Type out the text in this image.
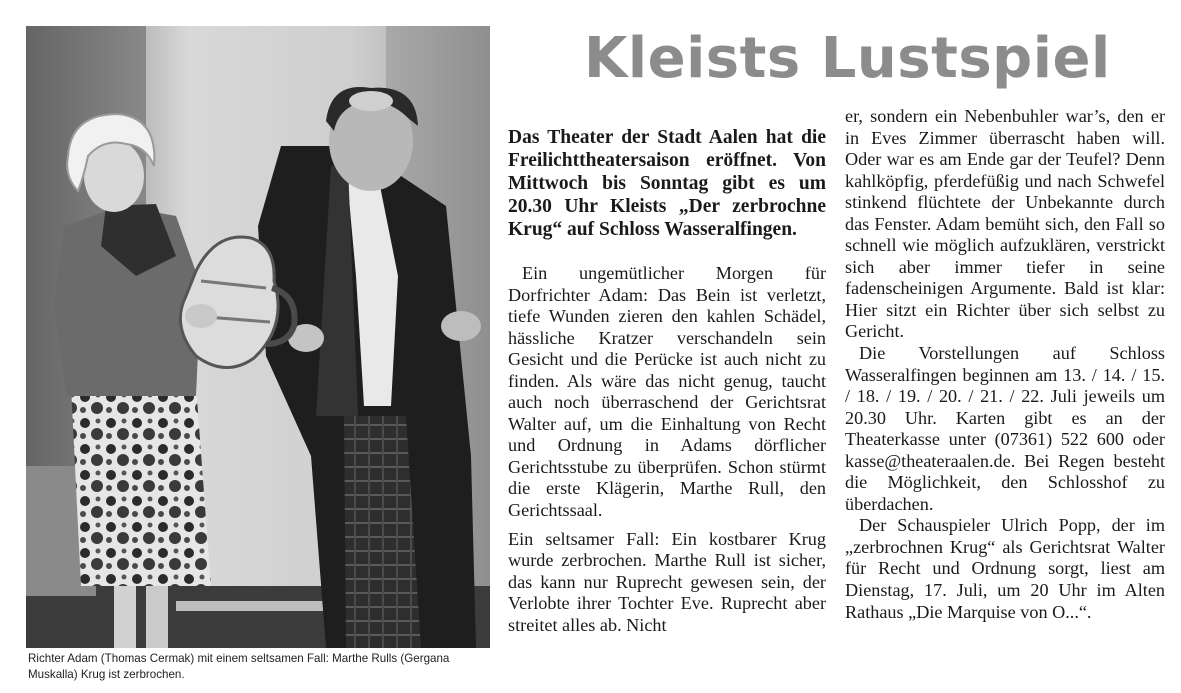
Richter Adam (Thomas Cermak) mit einem seltsamen Fall: Marthe Rulls (Gergana Muskalla) Krug ist zerbrochen.
Kleists Lustspiel

Das Theater der Stadt Aalen hat die Freilichttheatersaison eröffnet. Von Mittwoch bis Sonntag gibt es um 20.30 Uhr Kleists „Der zerbrochne Krug“ auf Schloss Wasseralfingen.

Ein ungemütlicher Morgen für Dorfrichter Adam: Das Bein ist verletzt, tiefe Wunden zieren den kahlen Schädel, hässliche Kratzer verschandeln sein Gesicht und die Perücke ist auch nicht zu finden. Als wäre das nicht genug, taucht auch noch überraschend der Gerichtsrat Walter auf, um die Einhaltung von Recht und Ordnung in Adams dörflicher Gerichtsstube zu überprüfen. Schon stürmt die erste Klägerin, Marthe Rull, den Gerichtssaal.

Ein seltsamer Fall: Ein kostbarer Krug wurde zerbrochen. Marthe Rull ist sicher, das kann nur Ruprecht gewesen sein, der Verlobte ihrer Tochter Eve. Ruprecht aber streitet alles ab. Nicht

er, sondern ein Nebenbuhler war’s, den er in Eves Zimmer überrascht haben will. Oder war es am Ende gar der Teufel? Denn kahlköpfig, pferdefüßig und nach Schwefel stinkend flüchtete der Unbekannte durch das Fenster. Adam bemüht sich, den Fall so schnell wie möglich aufzuklären, verstrickt sich aber immer tiefer in seine fadenscheinigen Argumente. Bald ist klar: Hier sitzt ein Richter über sich selbst zu Gericht.

Die Vorstellungen auf Schloss Wasseralfingen beginnen am 13. / 14. / 15. / 18. / 19. / 20. / 21. / 22. Juli jeweils um 20.30 Uhr. Karten gibt es an der Theaterkasse unter (07361) 522 600 oder kasse@theateraalen.de. Bei Regen besteht die Möglichkeit, den Schlosshof zu überdachen.

Der Schauspieler Ulrich Popp, der im „zerbrochnen Krug“ als Gerichtsrat Walter für Recht und Ordnung sorgt, liest am Dienstag, 17. Juli, um 20 Uhr im Alten Rathaus „Die Marquise von O...“.
